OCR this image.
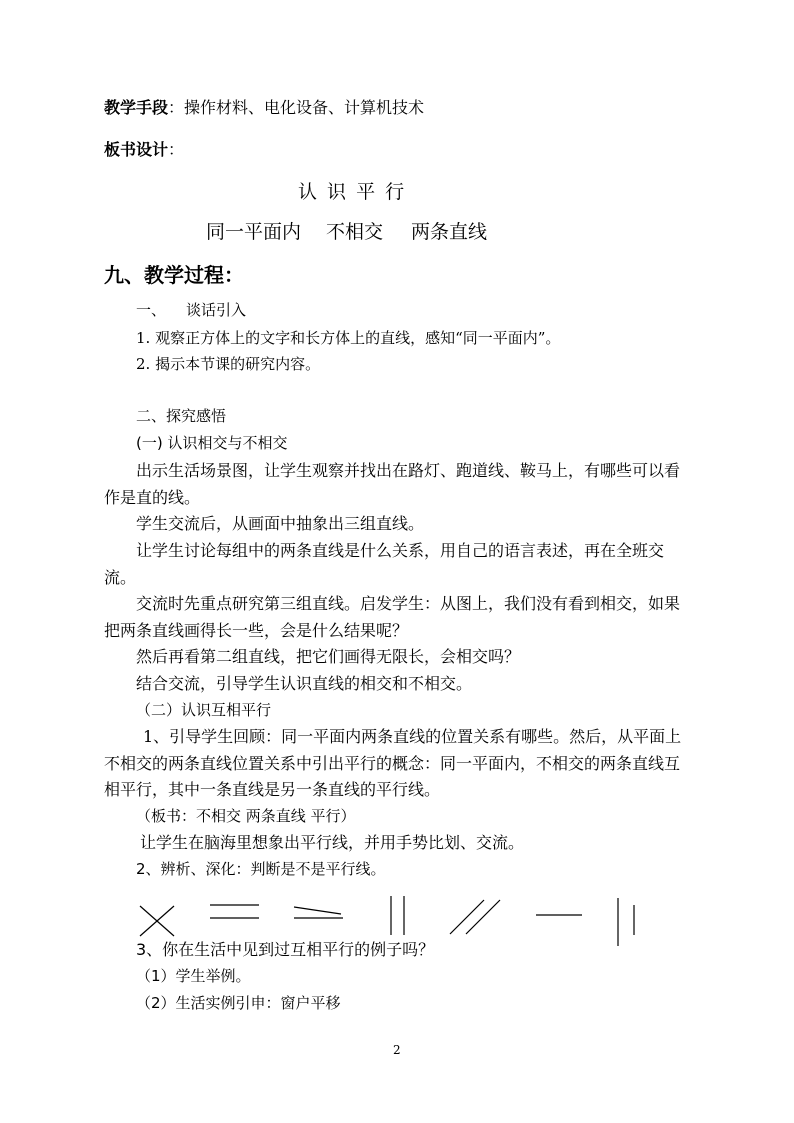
教学手段：操作材料、电化设备、计算机技术
板书设计：
认 识 平 行
同一平面内 不相交 两条直线
九、教学过程：
一、 谈话引入
1. 观察正方体上的文字和长方体上的直线，感知“同一平面内”。
2. 揭示本节课的研究内容。
二、探究感悟
(一) 认识相交与不相交
出示生活场景图，让学生观察并找出在路灯、跑道线、鞍马上，有哪些可以看
作是直的线。
学生交流后，从画面中抽象出三组直线。
让学生讨论每组中的两条直线是什么关系，用自己的语言表述，再在全班交
流。
交流时先重点研究第三组直线。启发学生：从图上，我们没有看到相交，如果
把两条直线画得长一些，会是什么结果呢？
然后再看第二组直线，把它们画得无限长，会相交吗？
结合交流，引导学生认识直线的相交和不相交。
（二）认识互相平行
1、引导学生回顾：同一平面内两条直线的位置关系有哪些。然后，从平面上
不相交的两条直线位置关系中引出平行的概念：同一平面内，不相交的两条直线互
相平行，其中一条直线是另一条直线的平行线。
（板书：不相交 两条直线 平行）
让学生在脑海里想象出平行线，并用手势比划、交流。
2、辨析、深化：判断是不是平行线。
3、你在生活中见到过互相平行的例子吗？
（1）学生举例。
（2）生活实例引申：窗户平移
2
